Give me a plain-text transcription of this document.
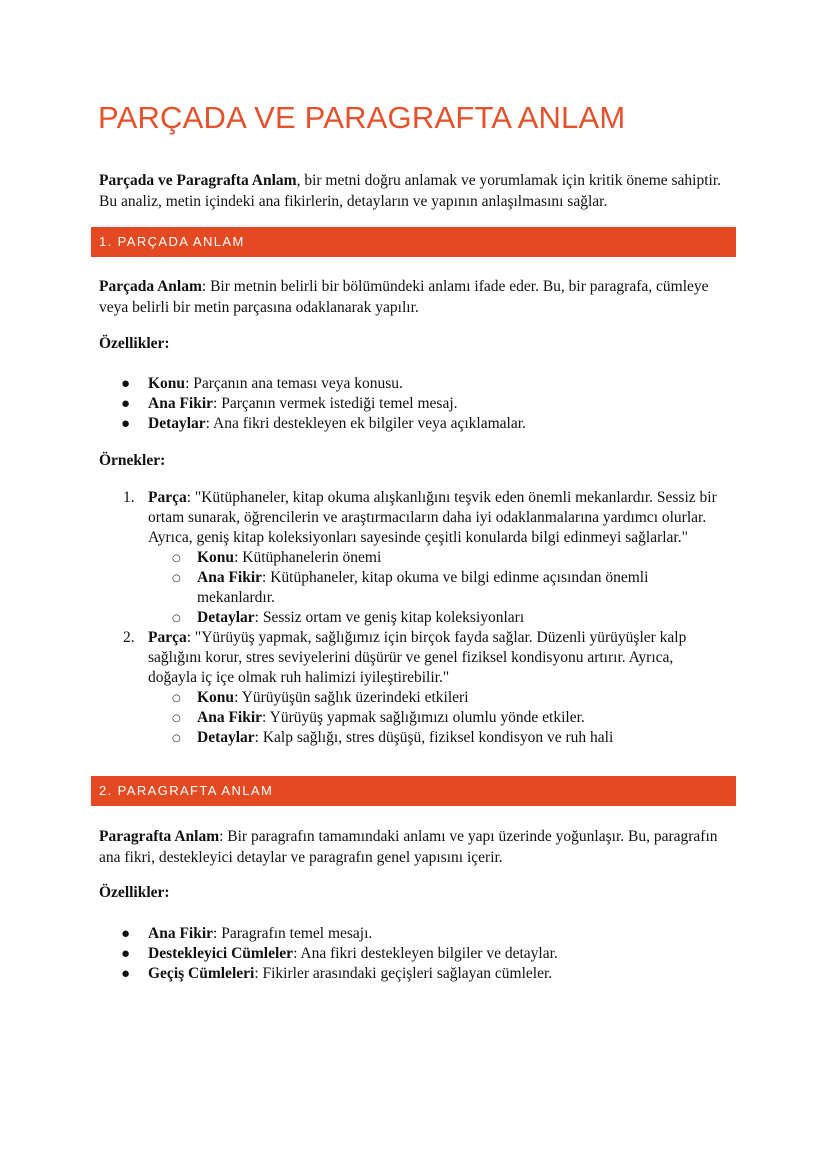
PARÇADA VE PARAGRAFTA ANLAM

Parçada ve Paragrafta Anlam, bir metni doğru anlamak ve yorumlamak için kritik öneme sahiptir. Bu analiz, metin içindeki ana fikirlerin, detayların ve yapının anlaşılmasını sağlar.

1. PARÇADA ANLAM

Parçada Anlam: Bir metnin belirli bir bölümündeki anlamı ifade eder. Bu, bir paragrafa, cümleye veya belirli bir metin parçasına odaklanarak yapılır.

Özellikler:

● Konu: Parçanın ana teması veya konusu.
● Ana Fikir: Parçanın vermek istediği temel mesaj.
● Detaylar: Ana fikri destekleyen ek bilgiler veya açıklamalar.

Örnekler:

1. Parça: "Kütüphaneler, kitap okuma alışkanlığını teşvik eden önemli mekanlardır. Sessiz bir ortam sunarak, öğrencilerin ve araştırmacıların daha iyi odaklanmalarına yardımcı olurlar. Ayrıca, geniş kitap koleksiyonları sayesinde çeşitli konularda bilgi edinmeyi sağlarlar."
○ Konu: Kütüphanelerin önemi
○ Ana Fikir: Kütüphaneler, kitap okuma ve bilgi edinme açısından önemli mekanlardır.
○ Detaylar: Sessiz ortam ve geniş kitap koleksiyonları
2. Parça: "Yürüyüş yapmak, sağlığımız için birçok fayda sağlar. Düzenli yürüyüşler kalp sağlığını korur, stres seviyelerini düşürür ve genel fiziksel kondisyonu artırır. Ayrıca, doğayla iç içe olmak ruh halimizi iyileştirebilir."
○ Konu: Yürüyüşün sağlık üzerindeki etkileri
○ Ana Fikir: Yürüyüş yapmak sağlığımızı olumlu yönde etkiler.
○ Detaylar: Kalp sağlığı, stres düşüşü, fiziksel kondisyon ve ruh hali
2. PARAGRAFTA ANLAM

Paragrafta Anlam: Bir paragrafın tamamındaki anlamı ve yapı üzerinde yoğunlaşır. Bu, paragrafın ana fikri, destekleyici detaylar ve paragrafın genel yapısını içerir.

Özellikler:

● Ana Fikir: Paragrafın temel mesajı.
● Destekleyici Cümleler: Ana fikri destekleyen bilgiler ve detaylar.
● Geçiş Cümleleri: Fikirler arasındaki geçişleri sağlayan cümleler.
